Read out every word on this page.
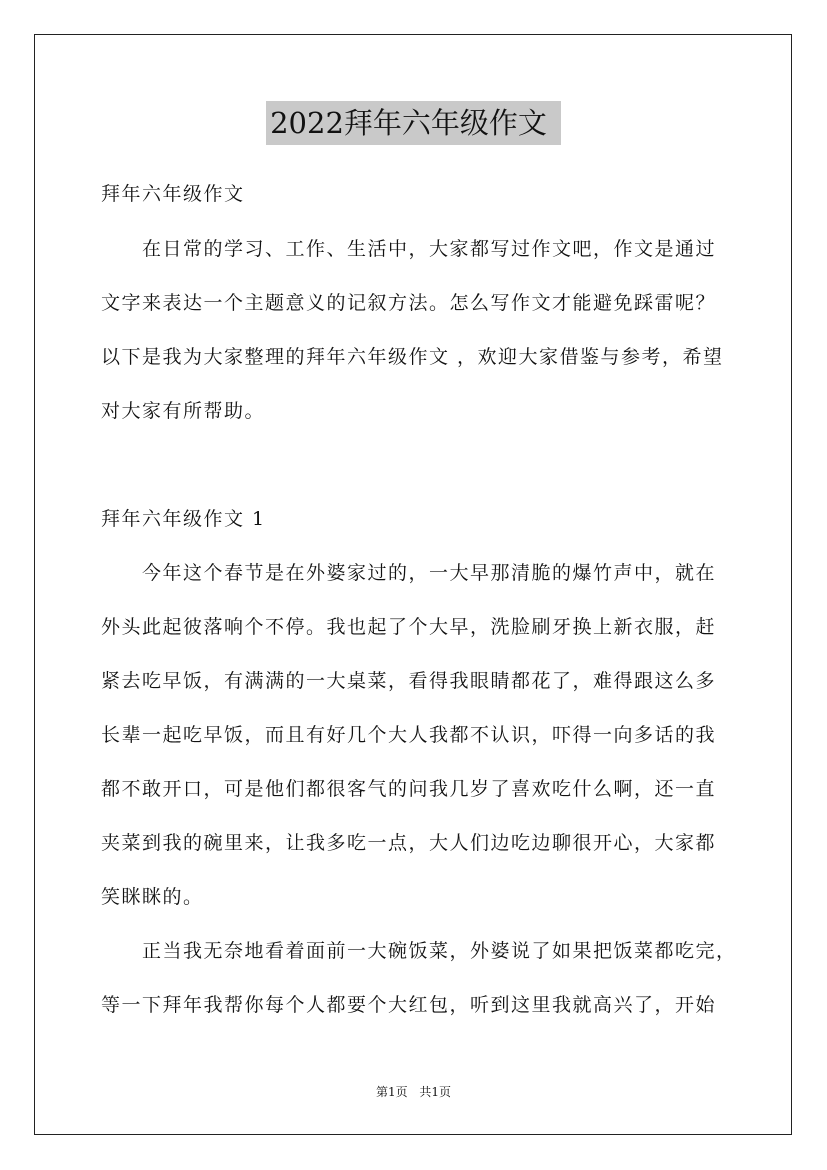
2022拜年六年级作文
拜年六年级作文
　　在日常的学习、工作、生活中，大家都写过作文吧，作文是通过
文字来表达一个主题意义的记叙方法。怎么写作文才能避免踩雷呢？
以下是我为大家整理的拜年六年级作文 ，欢迎大家借鉴与参考，希望
对大家有所帮助。
拜年六年级作文 1
　　今年这个春节是在外婆家过的，一大早那清脆的爆竹声中，就在
外头此起彼落响个不停。我也起了个大早，洗脸刷牙换上新衣服，赶
紧去吃早饭，有满满的一大桌菜，看得我眼睛都花了，难得跟这么多
长辈一起吃早饭，而且有好几个大人我都不认识，吓得一向多话的我
都不敢开口，可是他们都很客气的问我几岁了喜欢吃什么啊，还一直
夹菜到我的碗里来，让我多吃一点，大人们边吃边聊很开心，大家都
笑眯眯的。
　　正当我无奈地看着面前一大碗饭菜，外婆说了如果把饭菜都吃完，
等一下拜年我帮你每个人都要个大红包，听到这里我就高兴了，开始
第1页 共1页
